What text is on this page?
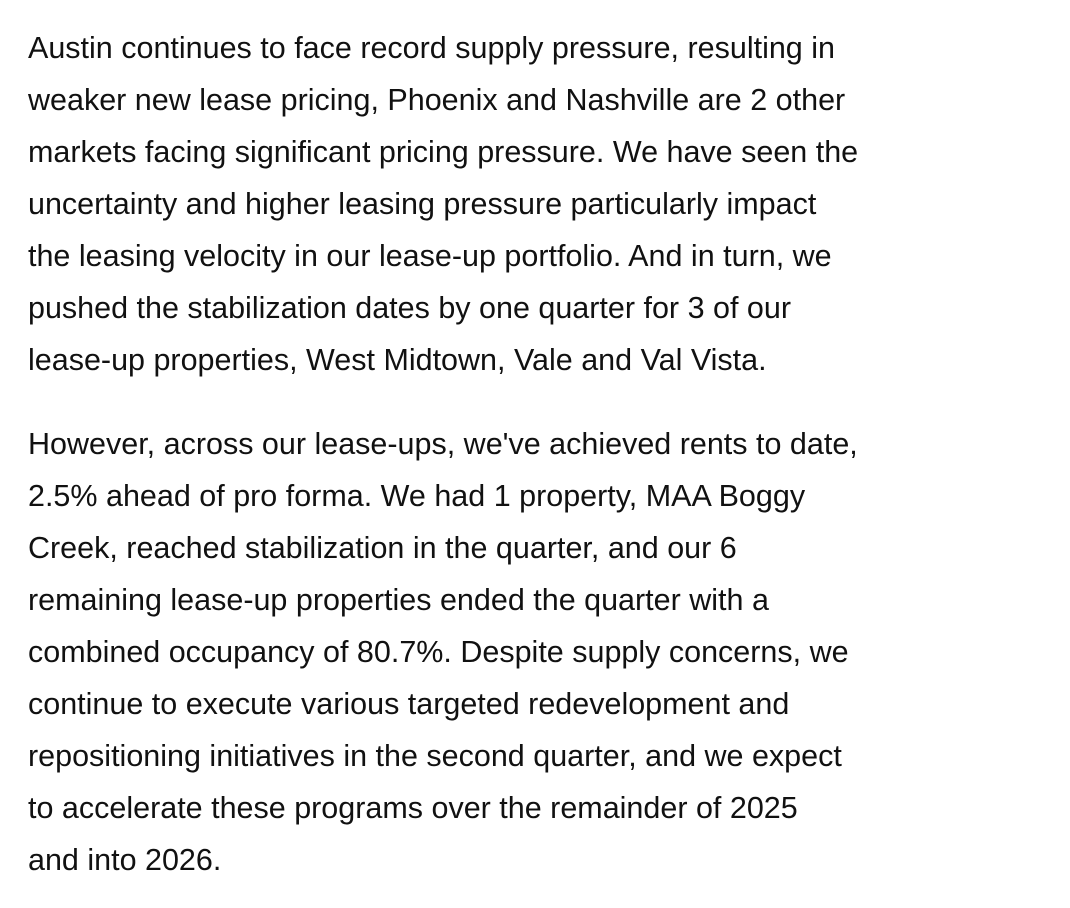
Austin continues to face record supply pressure, resulting in
weaker new lease pricing, Phoenix and Nashville are 2 other
markets facing significant pricing pressure. We have seen the
uncertainty and higher leasing pressure particularly impact
the leasing velocity in our lease-up portfolio. And in turn, we
pushed the stabilization dates by one quarter for 3 of our
lease-up properties, West Midtown, Vale and Val Vista.

However, across our lease-ups, we've achieved rents to date,
2.5% ahead of pro forma. We had 1 property, MAA Boggy
Creek, reached stabilization in the quarter, and our 6
remaining lease-up properties ended the quarter with a
combined occupancy of 80.7%. Despite supply concerns, we
continue to execute various targeted redevelopment and
repositioning initiatives in the second quarter, and we expect
to accelerate these programs over the remainder of 2025
and into 2026.
